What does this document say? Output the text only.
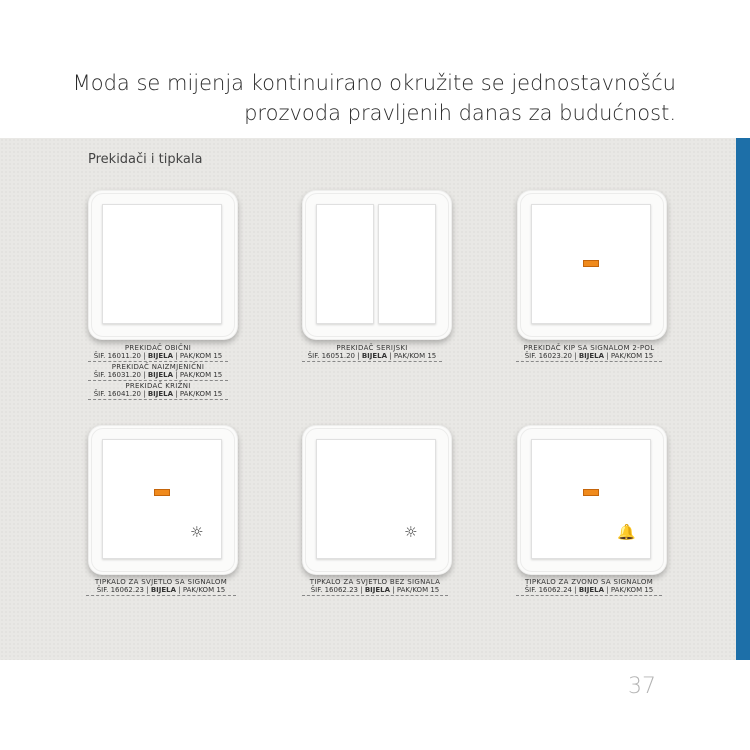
Moda se mijenja kontinuirano okružite se jednostavnošću
prozvoda pravljenih danas za budućnost.
Prekidači i tipkala
PREKIDAČ OBIČNI
ŠIF. 16011.20 | BIJELA | PAK/KOM 15
PREKIDAČ NAIZMJENIČNI
ŠIF. 16031.20 | BIJELA | PAK/KOM 15
PREKIDAČ KRIŽNI
ŠIF. 16041.20 | BIJELA | PAK/KOM 15
PREKIDAČ SERIJSKI
ŠIF. 16051.20 | BIJELA | PAK/KOM 15
PREKIDAČ KIP SA SIGNALOM 2-POL
ŠIF. 16023.20 | BIJELA | PAK/KOM 15
☼
TIPKALO ZA SVJETLO SA SIGNALOM
ŠIF. 16062.23 | BIJELA | PAK/KOM 15
☼
TIPKALO ZA SVJETLO BEZ SIGNALA
ŠIF. 16062.23 | BIJELA | PAK/KOM 15
🔔
TIPKALO ZA ZVONO SA SIGNALOM
ŠIF. 16062.24 | BIJELA | PAK/KOM 15
37
